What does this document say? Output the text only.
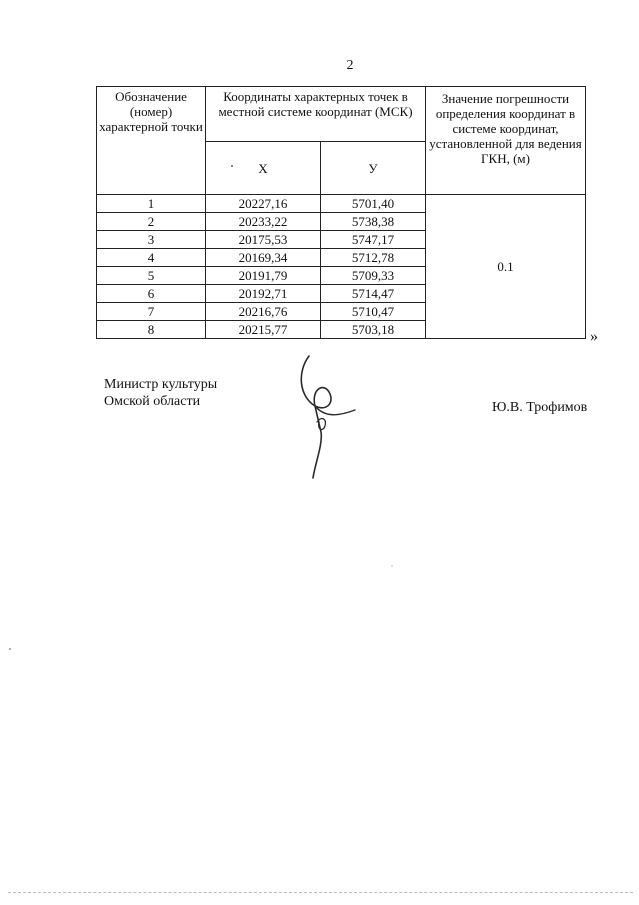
2
Обозначение (номер) характерной точки	Координаты характерных точек в местной системе координат (МСК)		Значение погрешности определения координат в системе координат, установленной для ведения ГКН, (м)
	Х	У	
1	20227,16	5701,40	0.1
2	20233,22	5738,38	
3	20175,53	5747,17	
4	20169,34	5712,78	
5	20191,79	5709,33	
6	20192,71	5714,47	
7	20216,76	5710,47	
8	20215,77	5703,18		»
Министр культуры
Омской области	Ю.В. Трофимов
